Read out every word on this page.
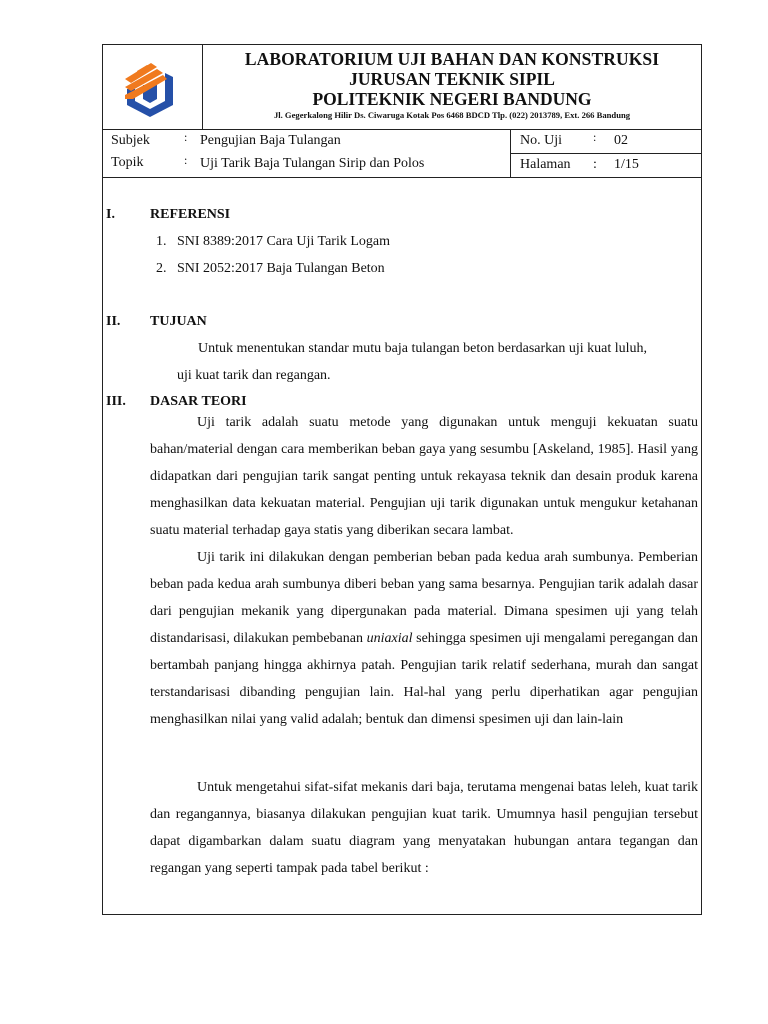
LABORATORIUM UJI BAHAN DAN KONSTRUKSI
JURUSAN TEKNIK SIPIL
POLITEKNIK NEGERI BANDUNG
Jl. Gegerkalong Hilir Ds. Ciwaruga Kotak Pos 6468 BDCD Tlp. (022) 2013789, Ext. 266 Bandung
Subjek	: Pengujian Baja Tulangan
Topik	: Uji Tarik Baja Tulangan Sirip dan Polos
No. Uji	: 02
Halaman : 1/15
I.	REFERENSI
1. SNI 8389:2017 Cara Uji Tarik Logam
2. SNI 2052:2017 Baja Tulangan Beton
II. TUJUAN
Untuk menentukan standar mutu baja tulangan beton berdasarkan uji kuat luluh,
uji kuat tarik dan regangan.
III. DASAR TEORI

Uji tarik adalah suatu metode yang digunakan untuk menguji kekuatan suatu bahan/material dengan cara memberikan beban gaya yang sesumbu [Askeland, 1985]. Hasil yang didapatkan dari pengujian tarik sangat penting untuk rekayasa teknik dan desain produk karena menghasilkan data kekuatan material. Pengujian uji tarik digunakan untuk mengukur ketahanan suatu material terhadap gaya statis yang diberikan secara lambat.

Uji tarik ini dilakukan dengan pemberian beban pada kedua arah sumbunya. Pemberian beban pada kedua arah sumbunya diberi beban yang sama besarnya. Pengujian tarik adalah dasar dari pengujian mekanik yang dipergunakan pada material. Dimana spesimen uji yang telah distandarisasi, dilakukan pembebanan uniaxial sehingga spesimen uji mengalami peregangan dan bertambah panjang hingga akhirnya patah. Pengujian tarik relatif sederhana, murah dan sangat terstandarisasi dibanding pengujian lain. Hal-hal yang perlu diperhatikan agar pengujian menghasilkan nilai yang valid adalah; bentuk dan dimensi spesimen uji dan lain-lain

Untuk mengetahui sifat-sifat mekanis dari baja, terutama mengenai batas leleh, kuat tarik dan regangannya, biasanya dilakukan pengujian kuat tarik. Umumnya hasil pengujian tersebut dapat digambarkan dalam suatu diagram yang menyatakan hubungan antara tegangan dan regangan yang seperti tampak pada tabel berikut :
